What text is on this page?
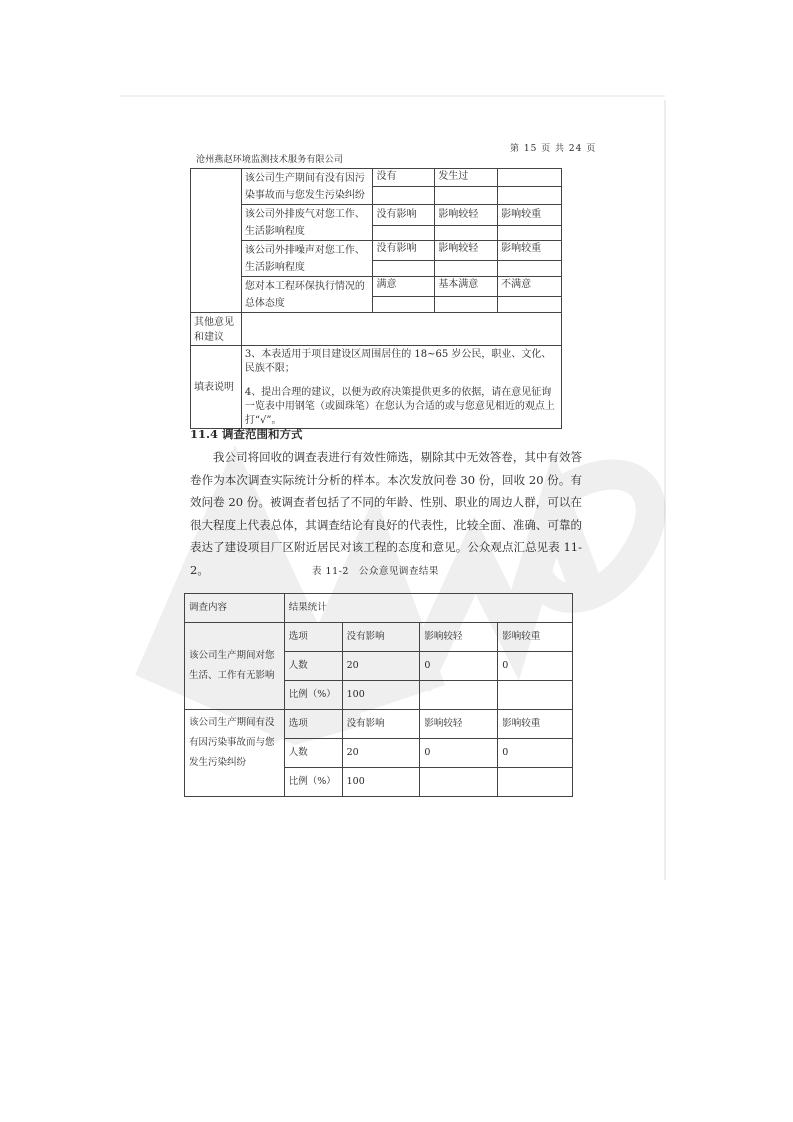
沧州燕赵环境监测技术服务有限公司
第 15 页 共 24 页
	该公司生产期间有没有因污染事故而与您发生污染纠纷	没有	发生过	

	该公司外排废气对您工作、生活影响程度	没有影响	影响较轻	影响较重

	该公司外排噪声对您工作、生活影响程度	没有影响	影响较轻	影响较重

	您对本工程环保执行情况的总体态度	满意	基本满意	不满意

其他意见和建议				
填表说明	3、本表适用于项目建设区周围居住的 18~65 岁公民，职业、文化、民族不限；
4、提出合理的建议，以便为政府决策提供更多的依据，请在意见征询一览表中用钢笔（或圆珠笔）在您认为合适的或与您意见相近的观点上打“√”。			
11.4 调查范围和方式

我公司将回收的调查表进行有效性筛选，剔除其中无效答卷，其中有效答卷作为本次调查实际统计分析的样本。本次发放问卷 30 份，回收 20 份。有效问卷 20 份。被调查者包括了不同的年龄、性别、职业的周边人群，可以在很大程度上代表总体，其调查结论有良好的代表性，比较全面、准确、可靠的表达了建设项目厂区附近居民对该工程的态度和意见。公众观点汇总见表 11-2。	表 11-2　公众意见调查结果
调查内容	结果统计			
该公司生产期间对您生活、工作有无影响	选项	没有影响	影响较轻	影响较重
	人数	20	0	0
	比例（%）	100		
该公司生产期间有没有因污染事故而与您发生污染纠纷	选项	没有影响	影响较轻	影响较重
	人数	20	0	0
	比例（%）	100		
